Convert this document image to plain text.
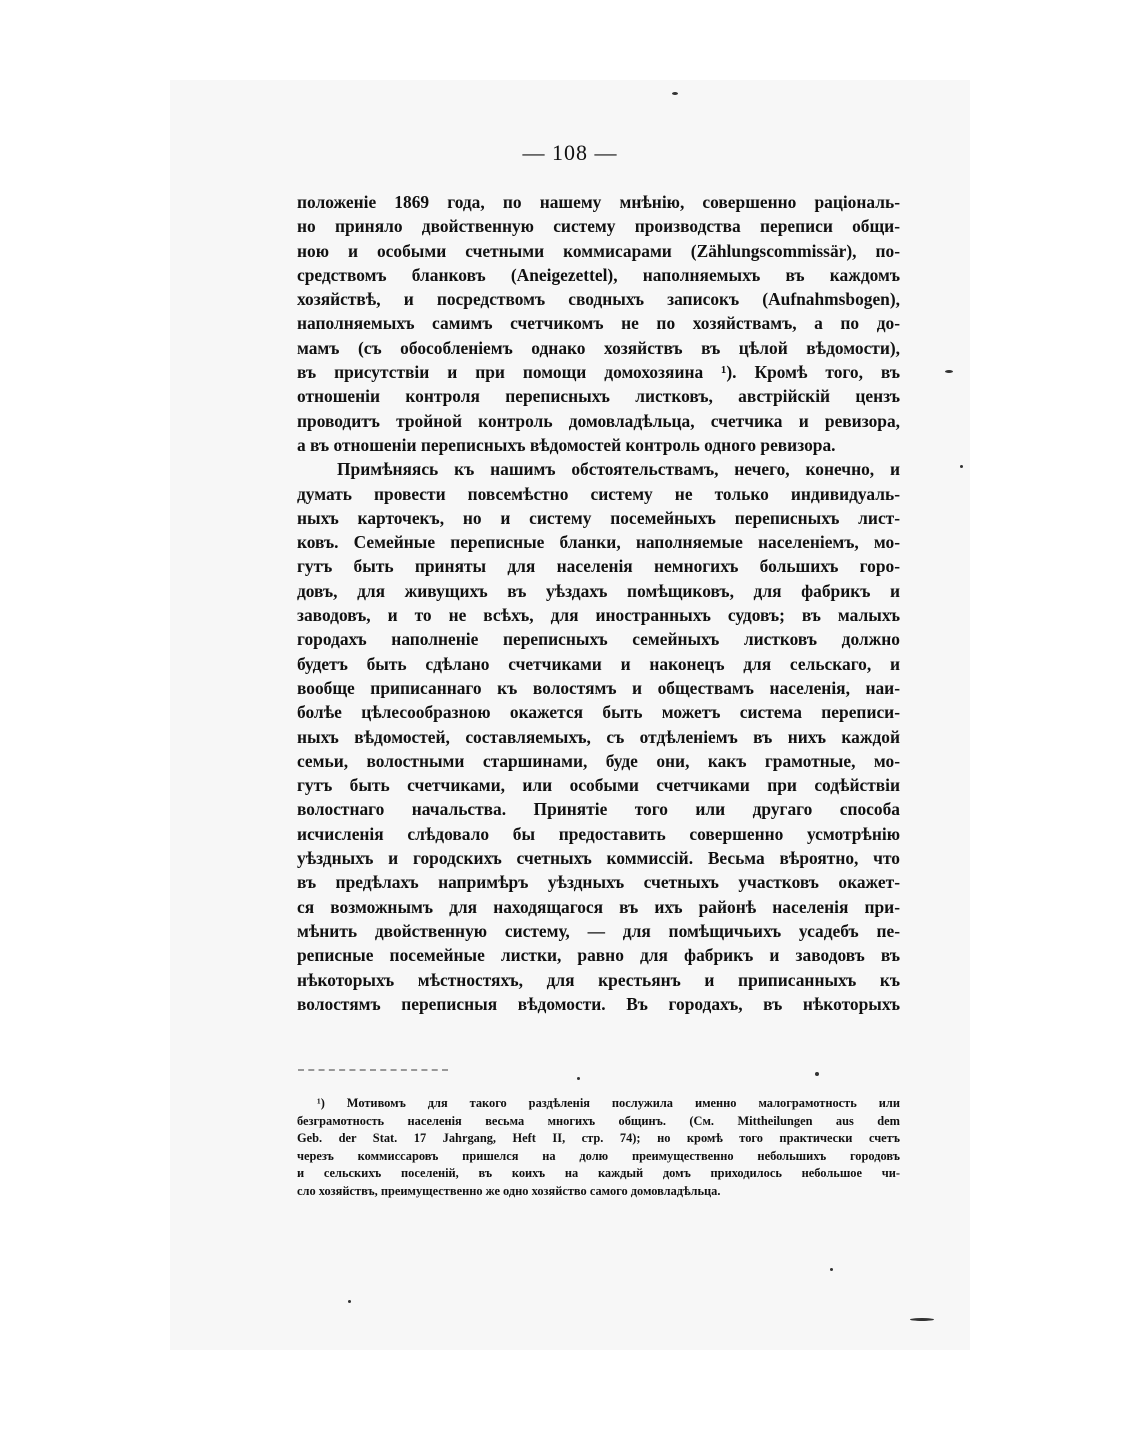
— 108 —
положеніе 1869 года, по нашему мнѣнію, совершенно раціональ-
но приняло двойственную систему производства переписи общи-
ною и особыми счетными коммисарами (Zählungscommissär), по-
средствомъ бланковъ (Aneigezettel), наполняемыхъ въ каждомъ
хозяйствѣ, и посредствомъ сводныхъ записокъ (Aufnahmsbogen),
наполняемыхъ самимъ счетчикомъ не по хозяйствамъ, а по до-
мамъ (съ обособленіемъ однако хозяйствъ въ цѣлой вѣдомости),
въ присутствіи и при помощи домохозяина ¹). Кромѣ того, въ
отношеніи контроля переписныхъ листковъ, австрійскій цензъ
проводитъ тройной контроль домовладѣльца, счетчика и ревизора,
а въ отношеніи переписныхъ вѣдомостей контроль одного ревизора.
Примѣняясь къ нашимъ обстоятельствамъ, нечего, конечно, и
думать провести повсемѣстно систему не только индивидуаль-
ныхъ карточекъ, но и систему посемейныхъ переписныхъ лист-
ковъ. Семейные переписные бланки, наполняемые населеніемъ, мо-
гутъ быть приняты для населенія немногихъ большихъ горо-
довъ, для живущихъ въ уѣздахъ помѣщиковъ, для фабрикъ и
заводовъ, и то не всѣхъ, для иностранныхъ судовъ; въ малыхъ
городахъ наполненіе переписныхъ семейныхъ листковъ должно
будетъ быть сдѣлано счетчиками и наконецъ для сельскаго, и
вообще приписаннаго къ волостямъ и обществамъ населенія, наи-
болѣе цѣлесообразною окажется быть можетъ система переписи-
ныхъ вѣдомостей, составляемыхъ, съ отдѣленіемъ въ нихъ каждой
семьи, волостными старшинами, буде они, какъ грамотные, мо-
гутъ быть счетчиками, или особыми счетчиками при содѣйствіи
волостнаго начальства. Принятіе того или другаго способа
исчисленія слѣдовало бы предоставить совершенно усмотрѣнію
уѣздныхъ и городскихъ счетныхъ коммиссій. Весьма вѣроятно, что
въ предѣлахъ напримѣръ уѣздныхъ счетныхъ участковъ окажет-
ся возможнымъ для находящагося въ ихъ районѣ населенія при-
мѣнить двойственную систему, — для помѣщичьихъ усадебъ пе-
реписные посемейные листки, равно для фабрикъ и заводовъ въ
нѣкоторыхъ мѣстностяхъ, для крестьянъ и приписанныхъ къ
волостямъ переписныя вѣдомости. Въ городахъ, въ нѣкоторыхъ
¹) Мотивомъ для такого раздѣленія послужила именно малограмотность или
безграмотность населенія весьма многихъ общинъ. (См. Mittheilungen aus dem
Geb. der Stat. 17 Jahrgang, Heft II, стр. 74); но кромѣ того практически счетъ
черезъ коммиссаровъ пришелся на долю преимущественно небольшихъ городовъ
и сельскихъ поселеній, въ коихъ на каждый домъ приходилось небольшое чи-
сло хозяйствъ, преимущественно же одно хозяйство самого домовладѣльца.
